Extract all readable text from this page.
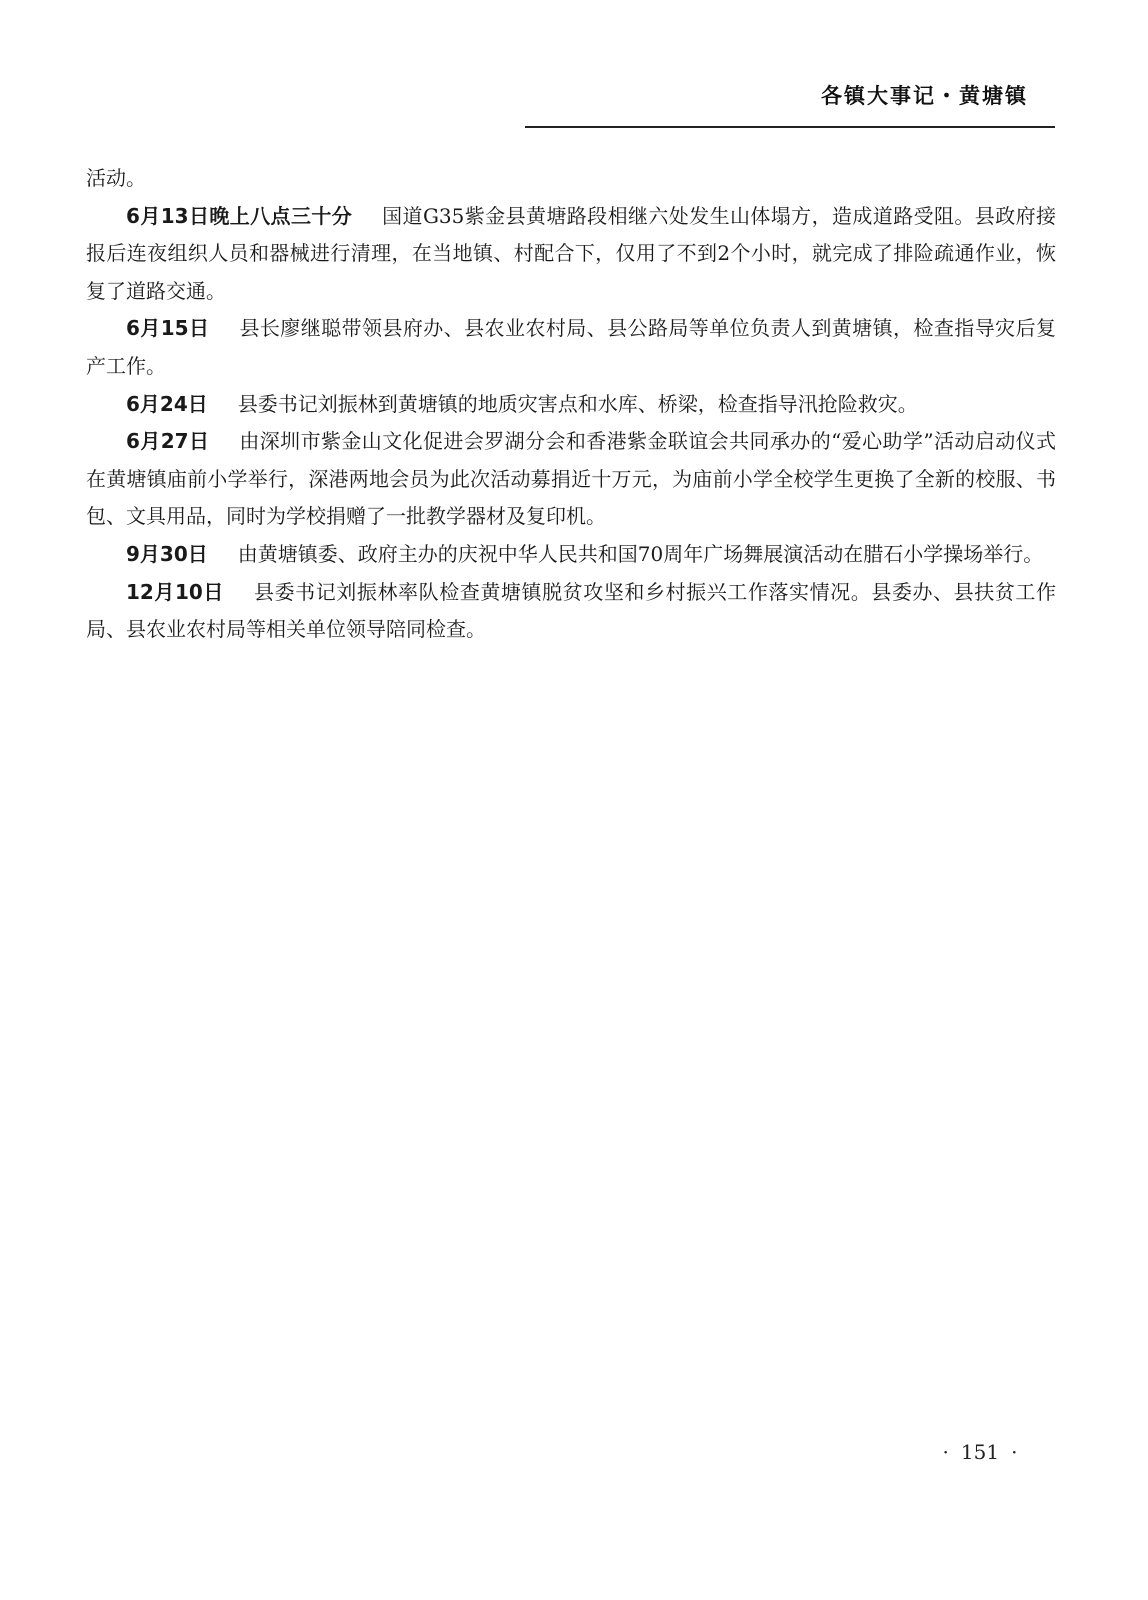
各镇大事记・黄塘镇

活动。

6月13日晚上八点三十分 国道G35紫金县黄塘路段相继六处发生山体塌方，造成道路受阻。县政府接报后连夜组织人员和器械进行清理，在当地镇、村配合下，仅用了不到2个小时，就完成了排险疏通作业，恢复了道路交通。

6月15日 县长廖继聪带领县府办、县农业农村局、县公路局等单位负责人到黄塘镇，检查指导灾后复产工作。

6月24日 县委书记刘振林到黄塘镇的地质灾害点和水库、桥梁，检查指导汛抢险救灾。

6月27日 由深圳市紫金山文化促进会罗湖分会和香港紫金联谊会共同承办的“爱心助学”活动启动仪式在黄塘镇庙前小学举行，深港两地会员为此次活动募捐近十万元，为庙前小学全校学生更换了全新的校服、书包、文具用品，同时为学校捐赠了一批教学器材及复印机。

9月30日 由黄塘镇委、政府主办的庆祝中华人民共和国70周年广场舞展演活动在腊石小学操场举行。

12月10日 县委书记刘振林率队检查黄塘镇脱贫攻坚和乡村振兴工作落实情况。县委办、县扶贫工作局、县农业农村局等相关单位领导陪同检查。

· 151 ·
